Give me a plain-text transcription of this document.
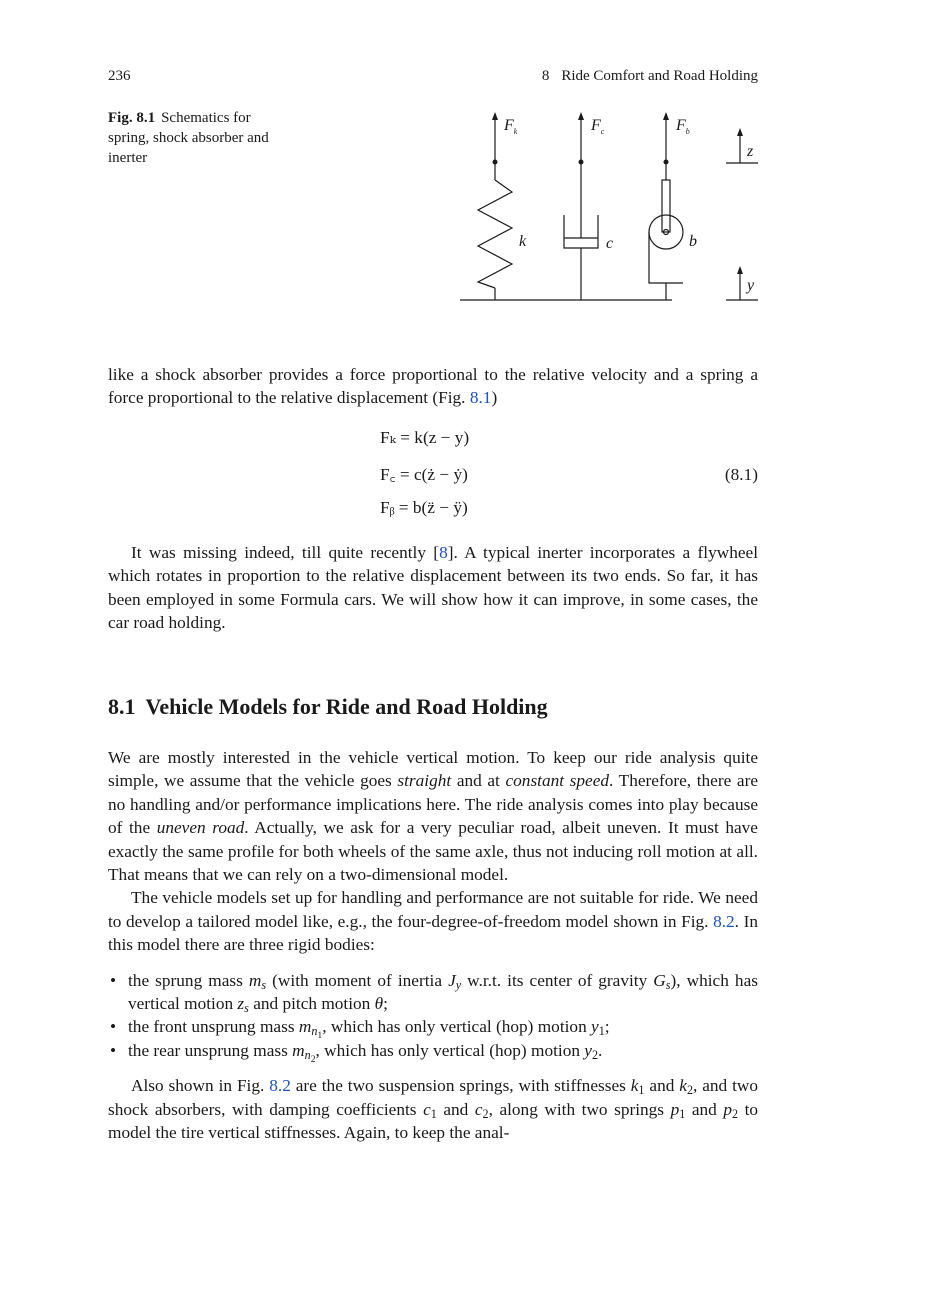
236	8 Ride Comfort and Road Holding
Fig. 8.1 Schematics for spring, shock absorber and inerter
$F_k$	$F_c$	$F_b$
k	c	b
z
y

like a shock absorber provides a force proportional to the relative velocity and a spring a force proportional to the relative displacement (Fig. 8.1)

Fₖ = k(z − y)
F꜀ = c(ż − ẏ)
Fᵦ = b(z̈ − ÿ)
(8.1)

It was missing indeed, till quite recently [8]. A typical inerter incorporates a flywheel which rotates in proportion to the relative displacement between its two ends. So far, it has been employed in some Formula cars. We will show how it can improve, in some cases, the car road holding.

8.1 Vehicle Models for Ride and Road Holding

We are mostly interested in the vehicle vertical motion. To keep our ride analysis quite simple, we assume that the vehicle goes straight and at constant speed. Therefore, there are no handling and/or performance implications here. The ride analysis comes into play because of the uneven road. Actually, we ask for a very peculiar road, albeit uneven. It must have exactly the same profile for both wheels of the same axle, thus not inducing roll motion at all. That means that we can rely on a two-dimensional model.

The vehicle models set up for handling and performance are not suitable for ride. We need to develop a tailored model like, e.g., the four-degree-of-freedom model shown in Fig. 8.2. In this model there are three rigid bodies:

• the sprung mass $m_s$ (with moment of inertia $J_y$ w.r.t. its center of gravity $G_s$), which has vertical motion $z_s$ and pitch motion θ;
• the front unsprung mass $m_{n_1}$, which has only vertical (hop) motion $y_1$;
• the rear unsprung mass $m_{n_2}$, which has only vertical (hop) motion $y_2$.

Also shown in Fig. 8.2 are the two suspension springs, with stiffnesses $k_1$ and $k_2$, and two shock absorbers, with damping coefficients $c_1$ and $c_2$, along with two springs $p_1$ and $p_2$ to model the tire vertical stiffnesses. Again, to keep the anal-
